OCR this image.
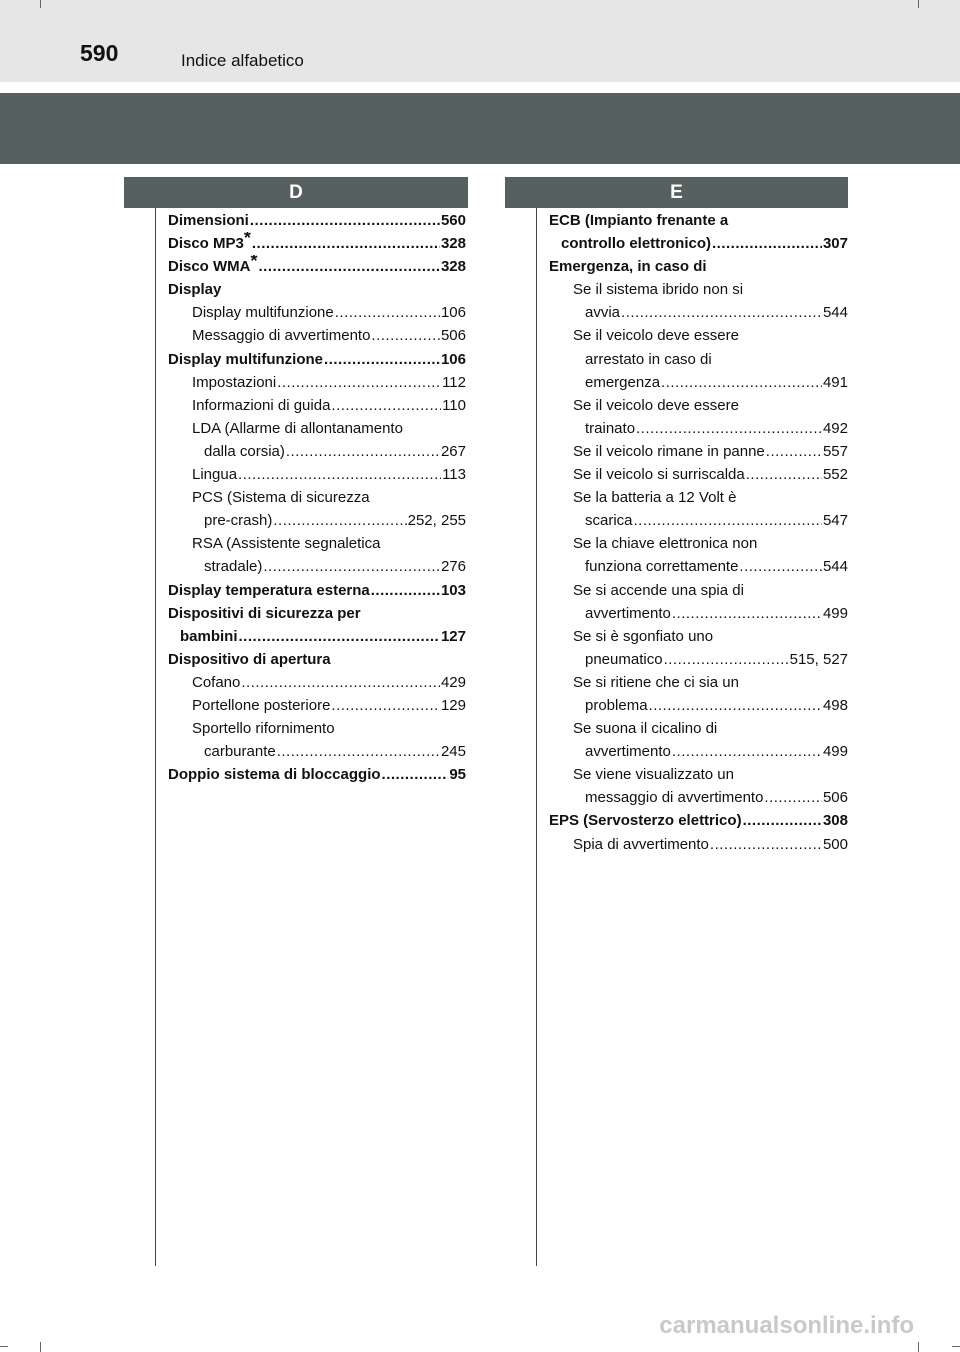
590	Indice alfabetico
D	E
Dimensioni .....	560
Disco MP3* .....	328
Disco WMA* .....	328
Display
Display multifunzione .....	106
Messaggio di avvertimento .....	506
Display multifunzione .....	106
Impostazioni .....	112
Informazioni di guida .....	110
LDA (Allarme di allontanamento
dalla corsia) .....	267
Lingua .....	113
PCS (Sistema di sicurezza
pre-crash) .....	252, 255
RSA (Assistente segnaletica
stradale) .....	276
Display temperatura esterna .....	103
Dispositivi di sicurezza per
bambini .....	127
Dispositivo di apertura
Cofano .....	429
Portellone posteriore .....	129
Sportello rifornimento
carburante .....	245
Doppio sistema di bloccaggio .....	95
ECB (Impianto frenante a
controllo elettronico) .....	307
Emergenza, in caso di
Se il sistema ibrido non si
avvia .....	544
Se il veicolo deve essere
arrestato in caso di
emergenza .....	491
Se il veicolo deve essere
trainato .....	492
Se il veicolo rimane in panne .....	557
Se il veicolo si surriscalda .....	552
Se la batteria a 12 Volt è
scarica .....	547
Se la chiave elettronica non
funziona correttamente .....	544
Se si accende una spia di
avvertimento .....	499
Se si è sgonfiato uno
pneumatico .....	515, 527
Se si ritiene che ci sia un
problema .....	498
Se suona il cicalino di
avvertimento .....	499
Se viene visualizzato un
messaggio di avvertimento .....	506
EPS (Servosterzo elettrico) .....	308
Spia di avvertimento .....	500
carmanualsonline.info
